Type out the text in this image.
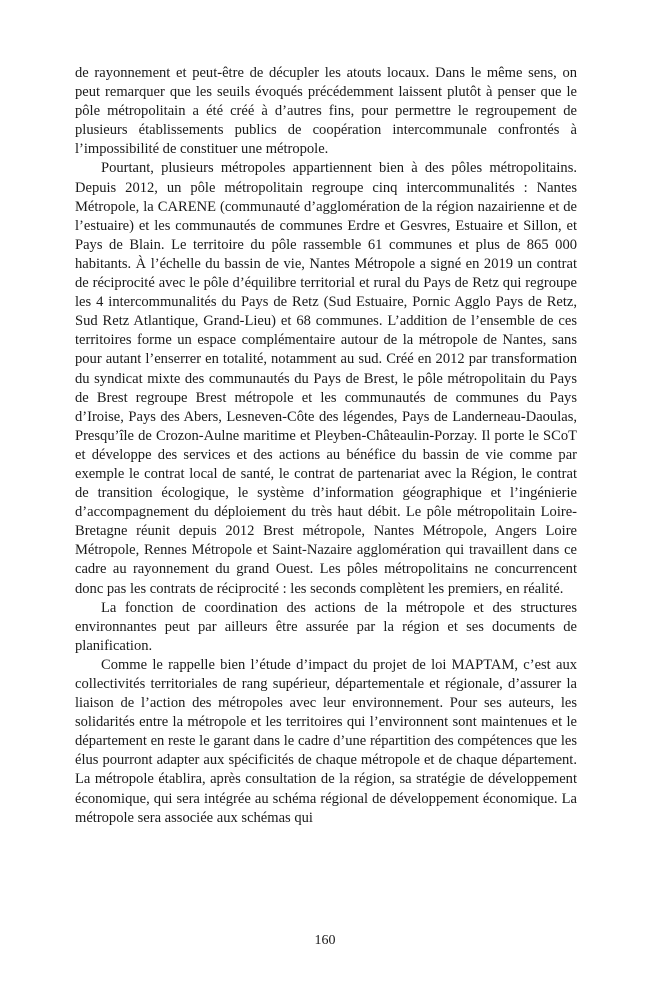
de rayonnement et peut-être de décupler les atouts locaux. Dans le même sens, on peut remarquer que les seuils évoqués précédemment laissent plutôt à penser que le pôle métropolitain a été créé à d’autres fins, pour permettre le regroupement de plusieurs établissements publics de coopération intercommunale confrontés à l’impossibilité de constituer une métropole.

Pourtant, plusieurs métropoles appartiennent bien à des pôles métropolitains. Depuis 2012, un pôle métropolitain regroupe cinq intercommunalités : Nantes Métropole, la CARENE (communauté d’agglomération de la région nazairienne et de l’estuaire) et les communautés de communes Erdre et Gesvres, Estuaire et Sillon, et Pays de Blain. Le territoire du pôle rassemble 61 communes et plus de 865 000 habitants. À l’échelle du bassin de vie, Nantes Métropole a signé en 2019 un contrat de réciprocité avec le pôle d’équilibre territorial et rural du Pays de Retz qui regroupe les 4 intercommunalités du Pays de Retz (Sud Estuaire, Pornic Agglo Pays de Retz, Sud Retz Atlantique, Grand-Lieu) et 68 communes. L’addition de l’ensemble de ces territoires forme un espace complémentaire autour de la métropole de Nantes, sans pour autant l’enserrer en totalité, notamment au sud. Créé en 2012 par transformation du syndicat mixte des communautés du Pays de Brest, le pôle métropolitain du Pays de Brest regroupe Brest métropole et les communautés de communes du Pays d’Iroise, Pays des Abers, Lesneven-Côte des légendes, Pays de Landerneau-Daoulas, Presqu’île de Crozon-Aulne maritime et Pleyben-Châteaulin-Porzay. Il porte le SCoT et développe des services et des actions au bénéfice du bassin de vie comme par exemple le contrat local de santé, le contrat de partenariat avec la Région, le contrat de transition écologique, le système d’information géographique et l’ingénierie d’accompagnement du déploiement du très haut débit. Le pôle métropolitain Loire-Bretagne réunit depuis 2012 Brest métropole, Nantes Métropole, Angers Loire Métropole, Rennes Métropole et Saint-Nazaire agglomération qui travaillent dans ce cadre au rayonnement du grand Ouest. Les pôles métropolitains ne concurrencent donc pas les contrats de réciprocité : les seconds complètent les premiers, en réalité.

La fonction de coordination des actions de la métropole et des structures environnantes peut par ailleurs être assurée par la région et ses documents de planification.

Comme le rappelle bien l’étude d’impact du projet de loi MAPTAM, c’est aux collectivités territoriales de rang supérieur, départementale et régionale, d’assurer la liaison de l’action des métropoles avec leur environnement. Pour ses auteurs, les solidarités entre la métropole et les territoires qui l’environnent sont maintenues et le département en reste le garant dans le cadre d’une répartition des compétences que les élus pourront adapter aux spécificités de chaque métropole et de chaque département. La métropole établira, après consultation de la région, sa stratégie de développement économique, qui sera intégrée au schéma régional de développement économique. La métropole sera associée aux schémas qui

160
